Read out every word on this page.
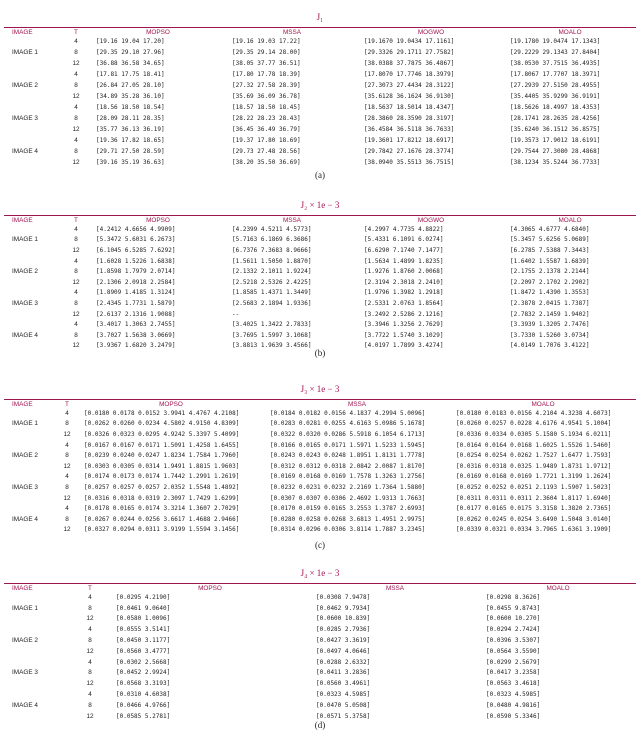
J₁
IMAGE	T	MOPSO	MSSA	MOGWO	MOALO
	4	[19.16 19.04 17.20]	[19.16 19.03 17.22]	[19.1670 19.0434 17.1161]	[19.1780 19.0474 17.1343]
IMAGE 1	8	[29.35 29.10 27.96]	[29.35 29.14 28.00]	[29.3326 29.1711 27.7582]	[29.2229 29.1343 27.8404]
	12	[36.88 36.58 34.65]	[38.05 37.77 36.51]	[38.0388 37.7875 36.4867]	[38.0530 37.7515 36.4935]
	4	[17.81 17.75 18.41]	[17.80 17.78 18.39]	[17.8070 17.7746 18.3979]	[17.8067 17.7707 18.3971]
IMAGE 2	8	[26.84 27.05 28.10]	[27.32 27.58 28.39]	[27.3073 27.4434 28.3122]	[27.2939 27.5150 28.4955]
	12	[34.89 35.28 36.10]	[35.69 36.09 36.78]	[35.6128 36.1624 36.9130]	[35.4405 35.9299 36.9191]
	4	[18.56 18.50 18.54]	[18.57 18.50 18.45]	[18.5637 18.5014 18.4347]	[18.5626 18.4997 18.4353]
IMAGE 3	8	[28.09 28.11 28.35]	[28.22 28.23 28.43]	[28.3860 28.3590 28.3197]	[28.1741 28.2635 28.4256]
	12	[35.77 36.13 36.19]	[36.45 36.49 36.79]	[36.4584 36.5118 36.7633]	[35.6240 36.1512 36.8575]
	4	[19.36 17.82 18.65]	[19.37 17.80 18.69]	[19.3601 17.8212 18.6917]	[19.3573 17.9012 18.6191]
IMAGE 4	8	[29.71 27.50 28.59]	[29.73 27.48 28.56]	[29.7842 27.1676 28.3774]	[29.7544 27.3080 28.4868]
	12	[39.16 35.19 36.63]	[38.20 35.50 36.69]	[38.0940 35.5513 36.7515]	[38.1234 35.5244 36.7733]
(a)
J₂ × 1e − 3
IMAGE	T	MOPSO	MSSA	MOGWO	MOALO
	4	[4.2412 4.6656 4.9909]	[4.2399 4.5211 4.5773]	[4.2997 4.7735 4.8822]	[4.3065 4.6777 4.6840]
IMAGE 1	8	[5.3472 5.6031 6.2673]	[5.7163 6.1869 6.3686]	[5.4331 6.1091 6.0274]	[5.3457 5.6256 5.0689]
	12	[6.1045 6.5285 7.6292]	[6.7376 7.3683 8.9666]	[6.6290 7.1740 7.1477]	[6.2785 7.5388 7.3443]
	4	[1.6028 1.5226 1.6838]	[1.5611 1.5050 1.8870]	[1.5634 1.4899 1.8235]	[1.6402 1.5587 1.6839]
IMAGE 2	8	[1.8598 1.7979 2.0714]	[2.1332 2.1011 1.9224]	[1.9276 1.8760 2.0068]	[2.1755 2.1378 2.2144]
	12	[2.1306 2.0918 2.2584]	[2.5218 2.5326 2.4225]	[2.3194 2.3018 2.2410]	[2.2097 2.1702 2.2902]
	4	[1.8909 1.4185 1.3124]	[1.8585 1.4371 1.3449]	[1.9796 1.3982 1.2918]	[1.8472 1.4390 1.3553]
IMAGE 3	8	[2.4345 1.7731 1.5879]	[2.5683 2.1894 1.9336]	[2.5331 2.0763 1.8564]	[2.3878 2.0415 1.7387]
	12	[2.6137 2.1316 1.9088]	--	[3.2492 2.5286 2.1216]	[2.7832 2.1459 1.9402]
	4	[3.4017 1.3063 2.7455]	[3.4025 1.3422 2.7833]	[3.3946 1.3256 2.7629]	[3.3939 1.3205 2.7476]
IMAGE 4	8	[3.7027 1.5638 3.0669]	[3.7695 1.5997 3.1068]	[3.7722 1.5740 3.1029]	[3.7330 1.5260 3.0734]
	12	[3.9367 1.6820 3.2479]	[3.8813 1.9639 3.4566]	[4.0197 1.7899 3.4274]	[4.0149 1.7076 3.4122]
(b)
J₃ × 1e − 3
IMAGE	T	MOPSO	MSSA	MOALO
	4	[0.0180 0.0178 0.0152 3.9941 4.4767 4.2108]	[0.0184 0.0182 0.0156 4.1837 4.2994 5.0096]	[0.0180 0.0183 0.0156 4.2104 4.3238 4.6073]
IMAGE 1	8	[0.0262 0.0260 0.0234 4.5802 4.9150 4.8309]	[0.0283 0.0281 0.0255 4.6163 5.0986 5.1678]	[0.0260 0.0257 0.0228 4.6176 4.9541 5.1004]
	12	[0.0326 0.0323 0.0295 4.9242 5.3397 5.4099]	[0.0322 0.0320 0.0286 5.5918 6.1054 6.1713]	[0.0336 0.0334 0.0305 5.1580 5.1934 6.0211]
	4	[0.0167 0.0167 0.0171 1.5091 1.4258 1.6455]	[0.0166 0.0165 0.0171 1.5971 1.5233 1.5945]	[0.0164 0.0164 0.0168 1.6025 1.5526 1.5460]
IMAGE 2	8	[0.0239 0.0240 0.0247 1.8234 1.7584 1.7960]	[0.0243 0.0243 0.0248 1.8951 1.8131 1.7778]	[0.0254 0.0254 0.0262 1.7527 1.6477 1.7593]
	12	[0.0303 0.0305 0.0314 1.9491 1.8815 1.9603]	[0.0312 0.0312 0.0318 2.0842 2.0087 1.8170]	[0.0316 0.0318 0.0325 1.9489 1.8731 1.9712]
	4	[0.0174 0.0173 0.0174 1.7442 1.2991 1.2619]	[0.0169 0.0168 0.0169 1.7578 1.3263 1.2756]	[0.0169 0.0168 0.0169 1.7721 1.3199 1.2624]
IMAGE 3	8	[0.0257 0.0257 0.0257 2.0352 1.5548 1.4892]	[0.0232 0.0231 0.0232 2.2169 1.7364 1.5880]	[0.0252 0.0252 0.0251 2.1193 1.5907 1.5023]
	12	[0.0316 0.0318 0.0319 2.3097 1.7429 1.6299]	[0.0307 0.0307 0.0306 2.4692 1.9313 1.7663]	[0.0311 0.0311 0.0311 2.3604 1.8117 1.6940]
	4	[0.0178 0.0165 0.0174 3.3214 1.3607 2.7029]	[0.0170 0.0159 0.0165 3.2553 1.3787 2.6993]	[0.0177 0.0165 0.0175 3.3158 1.3820 2.7365]
IMAGE 4	8	[0.0267 0.0244 0.0256 3.6617 1.4688 2.9466]	[0.0280 0.0258 0.0268 3.6813 1.4951 2.9975]	[0.0262 0.0245 0.0254 3.6490 1.5048 3.0140]
	12	[0.0327 0.0294 0.0311 3.9199 1.5594 3.1456]	[0.0314 0.0296 0.0306 3.8114 1.7887 3.2345]	[0.0339 0.0321 0.0334 3.7965 1.6361 3.1909]
(c)
J₄ × 1e − 3
IMAGE	T	MOPSO	MSSA	MOALO
	4	[0.0295 4.2190]	[0.0308 7.9478]	[0.0298 8.3626]
IMAGE 1	8	[0.0461 9.0640]	[0.0462 9.7934]	[0.0455 9.8743]
	12	[0.0580 1.0096]	[0.0600 10.839]	[0.0600 10.270]
	4	[0.0555 3.5141]	[0.0285 2.7936]	[0.0294 2.7424]
IMAGE 2	8	[0.0450 3.1177]	[0.0427 3.3619]	[0.0396 3.5307]
	12	[0.0560 3.4777]	[0.0497 4.0646]	[0.0564 3.5590]
	4	[0.0302 2.5668]	[0.0288 2.6332]	[0.0299 2.5679]
IMAGE 3	8	[0.0452 2.9924]	[0.0411 3.2836]	[0.0417 3.2358]
	12	[0.0568 3.3193]	[0.0560 3.4961]	[0.0563 3.4618]
	4	[0.0310 4.6038]	[0.0323 4.5985]	[0.0323 4.5985]
IMAGE 4	8	[0.0466 4.9766]	[0.0470 5.0508]	[0.0480 4.9816]
	12	[0.0585 5.2781]	[0.0571 5.3758]	[0.0590 5.3346]
(d)
